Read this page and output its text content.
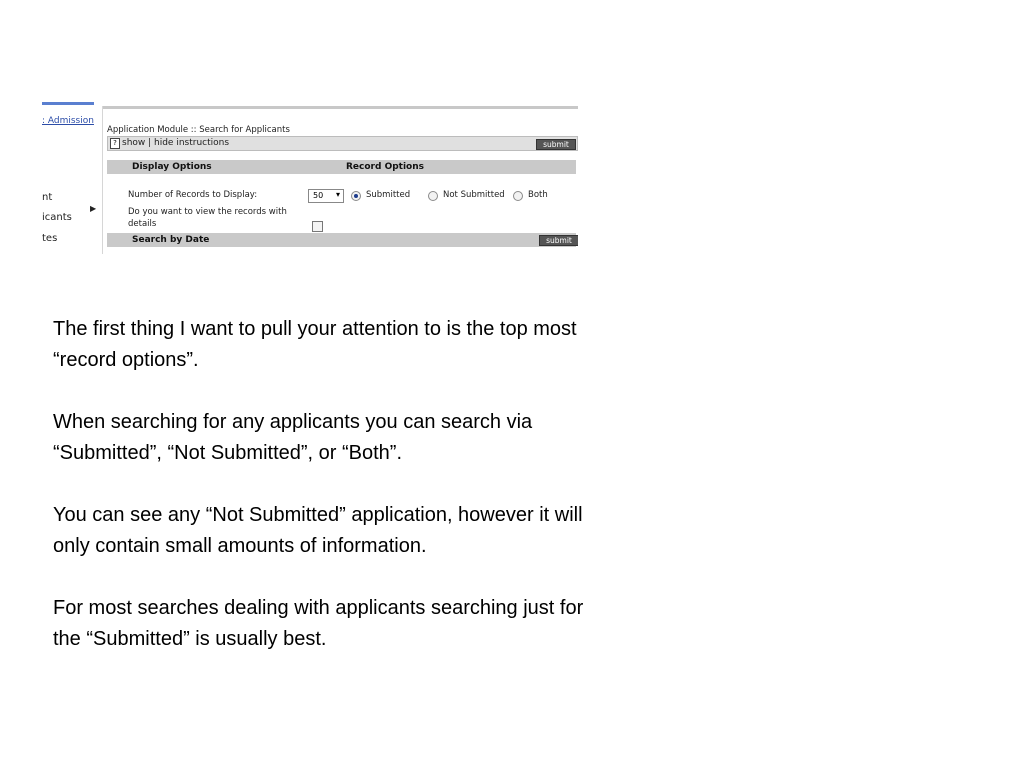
: Admission
nt
▶
icants
tes
Application Module :: Search for Applicants
? show | hide instructions	submit
Display Options	Record Options
Number of Records to Display:	50 ▾	Submitted	Not Submitted	Both
Do you want to view the records with
details
Search by Date	submit

The first thing I want to pull your attention to is the top most “record options”.

When searching for any applicants you can search via “Submitted”, “Not Submitted”, or “Both”.

You can see any “Not Submitted” application, however it will only contain small amounts of information.

For most searches dealing with applicants searching just for the “Submitted” is usually best.
